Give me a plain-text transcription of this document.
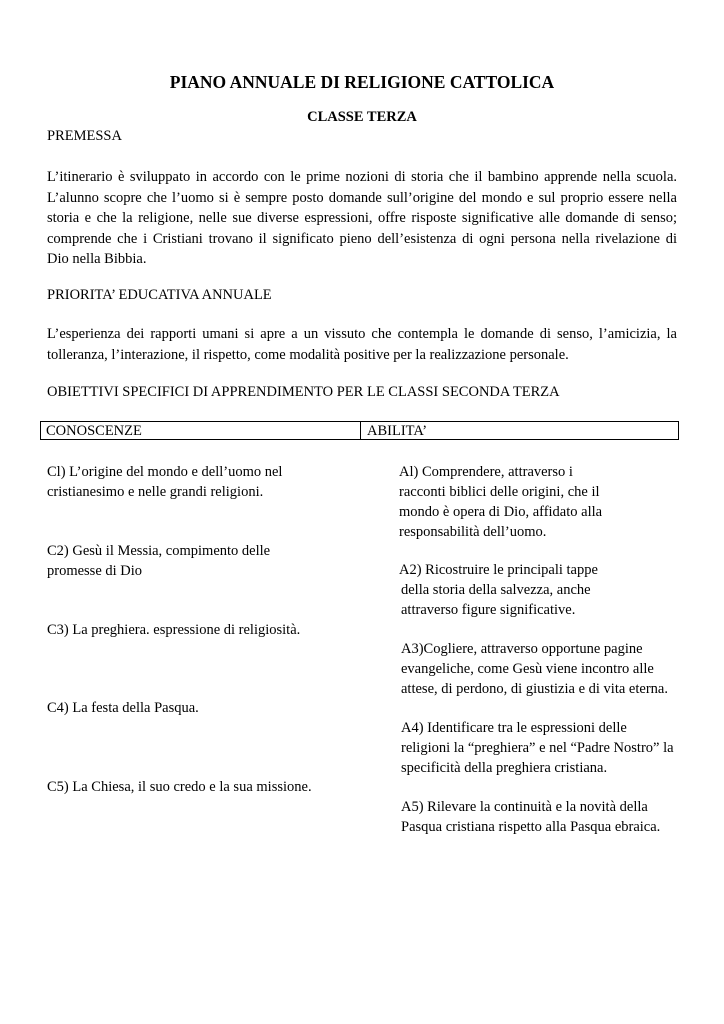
PIANO ANNUALE DI RELIGIONE CATTOLICA
CLASSE TERZA
PREMESSA
L’itinerario è sviluppato in accordo con le prime nozioni di storia che il bambino apprende nella scuola.
L’alunno scopre che l’uomo si è sempre posto domande sull’origine del mondo e sul proprio essere nella
storia e che la religione, nelle sue diverse espressioni, offre risposte significative alle domande di senso;
comprende che i Cristiani trovano il significato pieno dell’esistenza di ogni persona nella rivelazione di
Dio nella Bibbia.
PRIORITA’ EDUCATIVA ANNUALE
L’esperienza dei rapporti umani si apre a un vissuto che contempla le domande di senso, l’amicizia, la
tolleranza, l’interazione, il rispetto, come modalità positive per la realizzazione personale.
OBIETTIVI SPECIFICI DI APPRENDIMENTO PER LE CLASSI SECONDA TERZA
CONOSCENZE	ABILITA’
Cl) L’origine del mondo e dell’uomo nel
cristianesimo e nelle grandi religioni.
C2) Gesù il Messia, compimento delle
promesse di Dio
C3) La preghiera. espressione di religiosità.
C4) La festa della Pasqua.
C5) La Chiesa, il suo credo e la sua missione.
Al) Comprendere, attraverso i
racconti biblici delle origini, che il
mondo è opera di Dio, affidato alla
responsabilità dell’uomo.
A2) Ricostruire le principali tappe
della storia della salvezza, anche
attraverso figure significative.
A3)Cogliere, attraverso opportune pagine
evangeliche, come Gesù viene incontro alle
attese, di perdono, di giustizia e di vita eterna.
A4) Identificare tra le espressioni delle
religioni la “preghiera” e nel “Padre Nostro” la
specificità della preghiera cristiana.
A5) Rilevare la continuità e la novità della
Pasqua cristiana rispetto alla Pasqua ebraica.
